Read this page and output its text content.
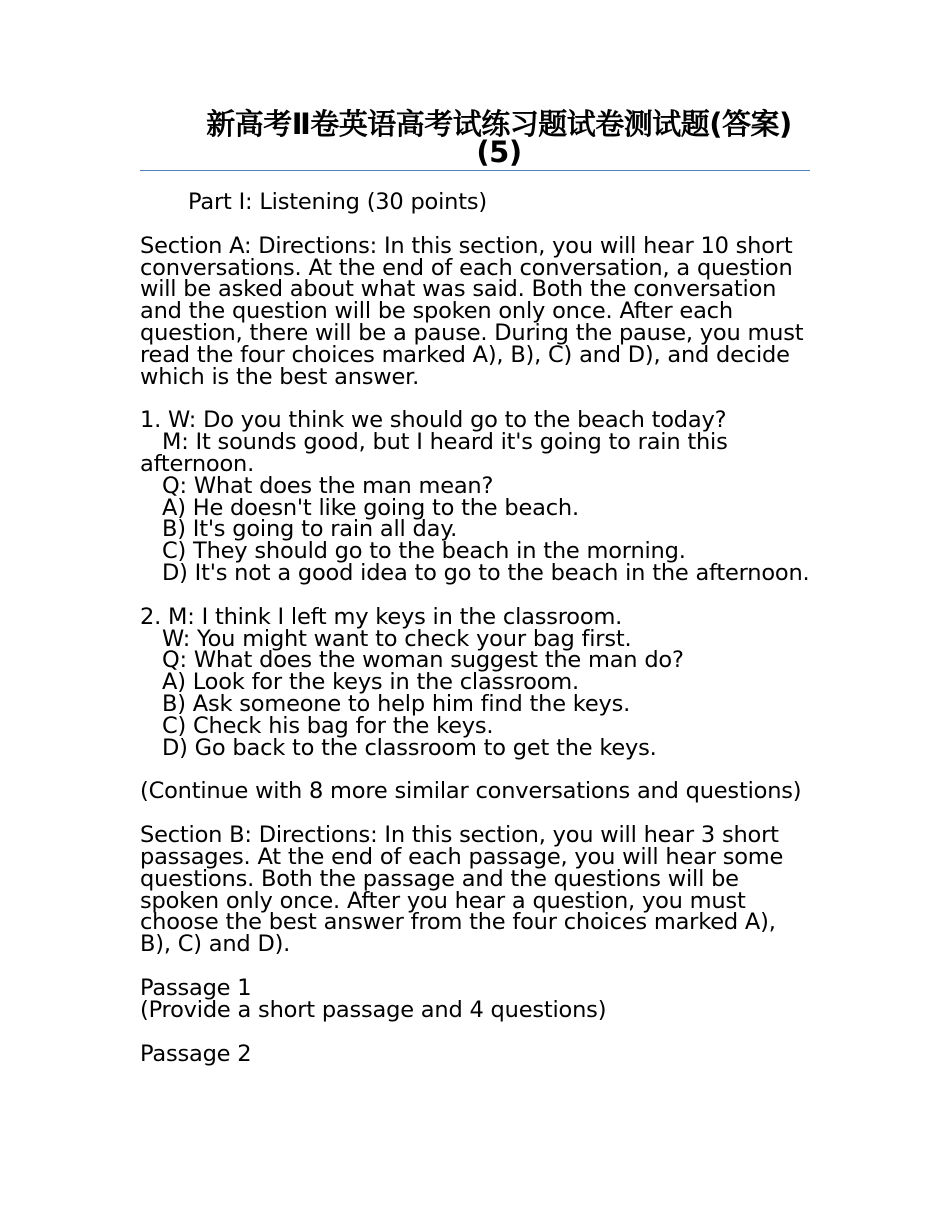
新高考Ⅱ卷英语高考试练习题试卷测试题(答案)(5)
Part I: Listening (30 points)
Section A: Directions: In this section, you will hear 10 short conversations. At the end of each conversation, a question will be asked about what was said. Both the conversation and the question will be spoken only once. After each question, there will be a pause. During the pause, you must read the four choices marked A), B), C) and D), and decide which is the best answer.
1. W: Do you think we should go to the beach today?
M: It sounds good, but I heard it's going to rain this afternoon.
Q: What does the man mean?
A) He doesn't like going to the beach.
B) It's going to rain all day.
C) They should go to the beach in the morning.
D) It's not a good idea to go to the beach in the afternoon.
2. M: I think I left my keys in the classroom.
W: You might want to check your bag first.
Q: What does the woman suggest the man do?
A) Look for the keys in the classroom.
B) Ask someone to help him find the keys.
C) Check his bag for the keys.
D) Go back to the classroom to get the keys.
(Continue with 8 more similar conversations and questions)
Section B: Directions: In this section, you will hear 3 short passages. At the end of each passage, you will hear some questions. Both the passage and the questions will be spoken only once. After you hear a question, you must choose the best answer from the four choices marked A), B), C) and D).
Passage 1
(Provide a short passage and 4 questions)
Passage 2
